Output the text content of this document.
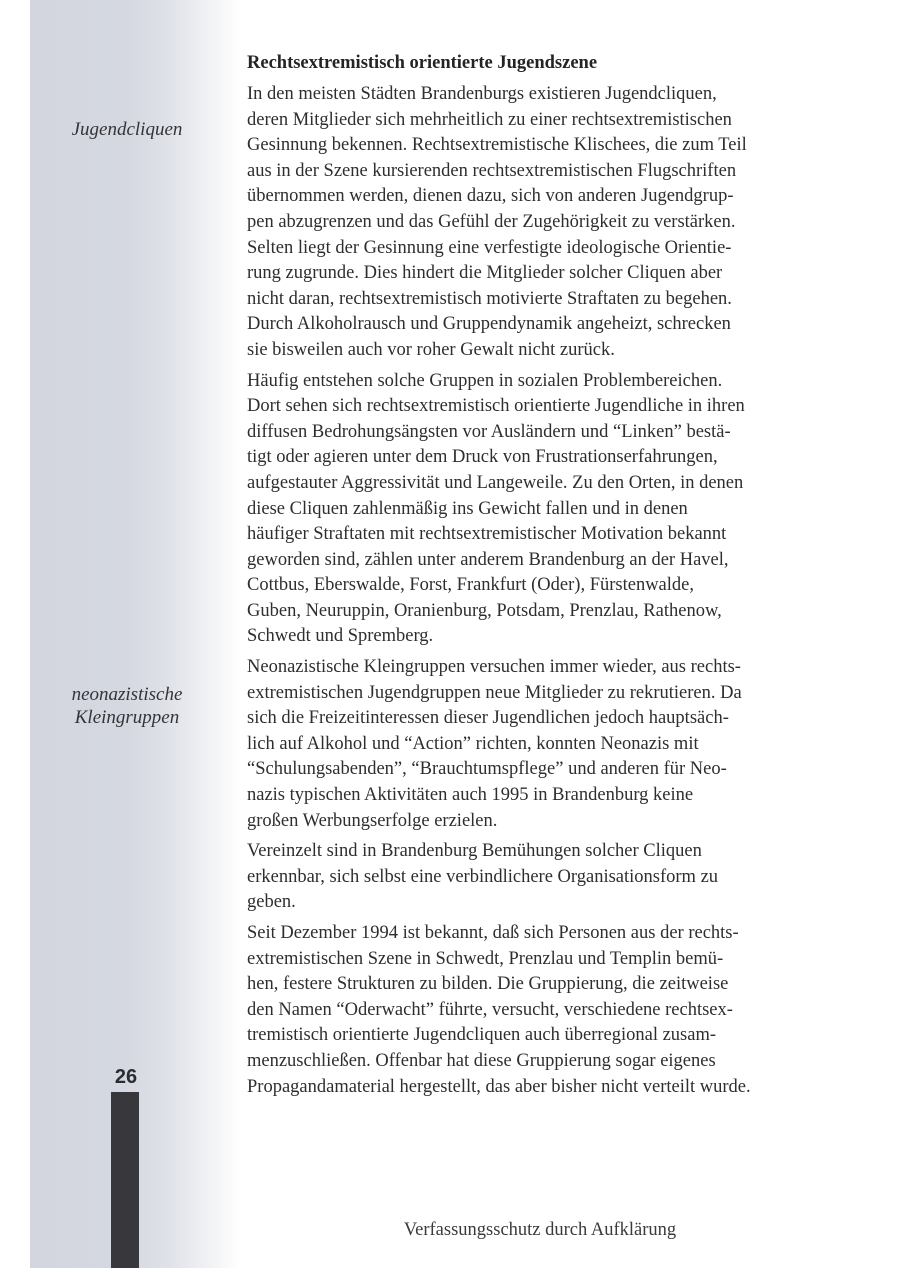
Jugendcliquen
neonazistische
Kleingruppen
26
Rechtsextremistisch orientierte Jugendszene
In den meisten Städten Brandenburgs existieren Jugendcliquen,
deren Mitglieder sich mehrheitlich zu einer rechtsextremistischen
Gesinnung bekennen. Rechtsextremistische Klischees, die zum Teil
aus in der Szene kursierenden rechtsextremistischen Flugschriften
übernommen werden, dienen dazu, sich von anderen Jugendgrup-
pen abzugrenzen und das Gefühl der Zugehörigkeit zu verstärken.
Selten liegt der Gesinnung eine verfestigte ideologische Orientie-
rung zugrunde. Dies hindert die Mitglieder solcher Cliquen aber
nicht daran, rechtsextremistisch motivierte Straftaten zu begehen.
Durch Alkoholrausch und Gruppendynamik angeheizt, schrecken
sie bisweilen auch vor roher Gewalt nicht zurück.
Häufig entstehen solche Gruppen in sozialen Problembereichen.
Dort sehen sich rechtsextremistisch orientierte Jugendliche in ihren
diffusen Bedrohungsängsten vor Ausländern und “Linken” bestä-
tigt oder agieren unter dem Druck von Frustrationserfahrungen,
aufgestauter Aggressivität und Langeweile. Zu den Orten, in denen
diese Cliquen zahlenmäßig ins Gewicht fallen und in denen
häufiger Straftaten mit rechtsextremistischer Motivation bekannt
geworden sind, zählen unter anderem Brandenburg an der Havel,
Cottbus, Eberswalde, Forst, Frankfurt (Oder), Fürstenwalde,
Guben, Neuruppin, Oranienburg, Potsdam, Prenzlau, Rathenow,
Schwedt und Spremberg.
Neonazistische Kleingruppen versuchen immer wieder, aus rechts-
extremistischen Jugendgruppen neue Mitglieder zu rekrutieren. Da
sich die Freizeitinteressen dieser Jugendlichen jedoch hauptsäch-
lich auf Alkohol und “Action” richten, konnten Neonazis mit
“Schulungsabenden”, “Brauchtumspflege” und anderen für Neo-
nazis typischen Aktivitäten auch 1995 in Brandenburg keine
großen Werbungserfolge erzielen.
Vereinzelt sind in Brandenburg Bemühungen solcher Cliquen
erkennbar, sich selbst eine verbindlichere Organisationsform zu
geben.
Seit Dezember 1994 ist bekannt, daß sich Personen aus der rechts-
extremistischen Szene in Schwedt, Prenzlau und Templin bemü-
hen, festere Strukturen zu bilden. Die Gruppierung, die zeitweise
den Namen “Oderwacht” führte, versucht, verschiedene rechtsex-
tremistisch orientierte Jugendcliquen auch überregional zusam-
menzuschließen. Offenbar hat diese Gruppierung sogar eigenes
Propagandamaterial hergestellt, das aber bisher nicht verteilt wurde.
Verfassungsschutz durch Aufklärung
